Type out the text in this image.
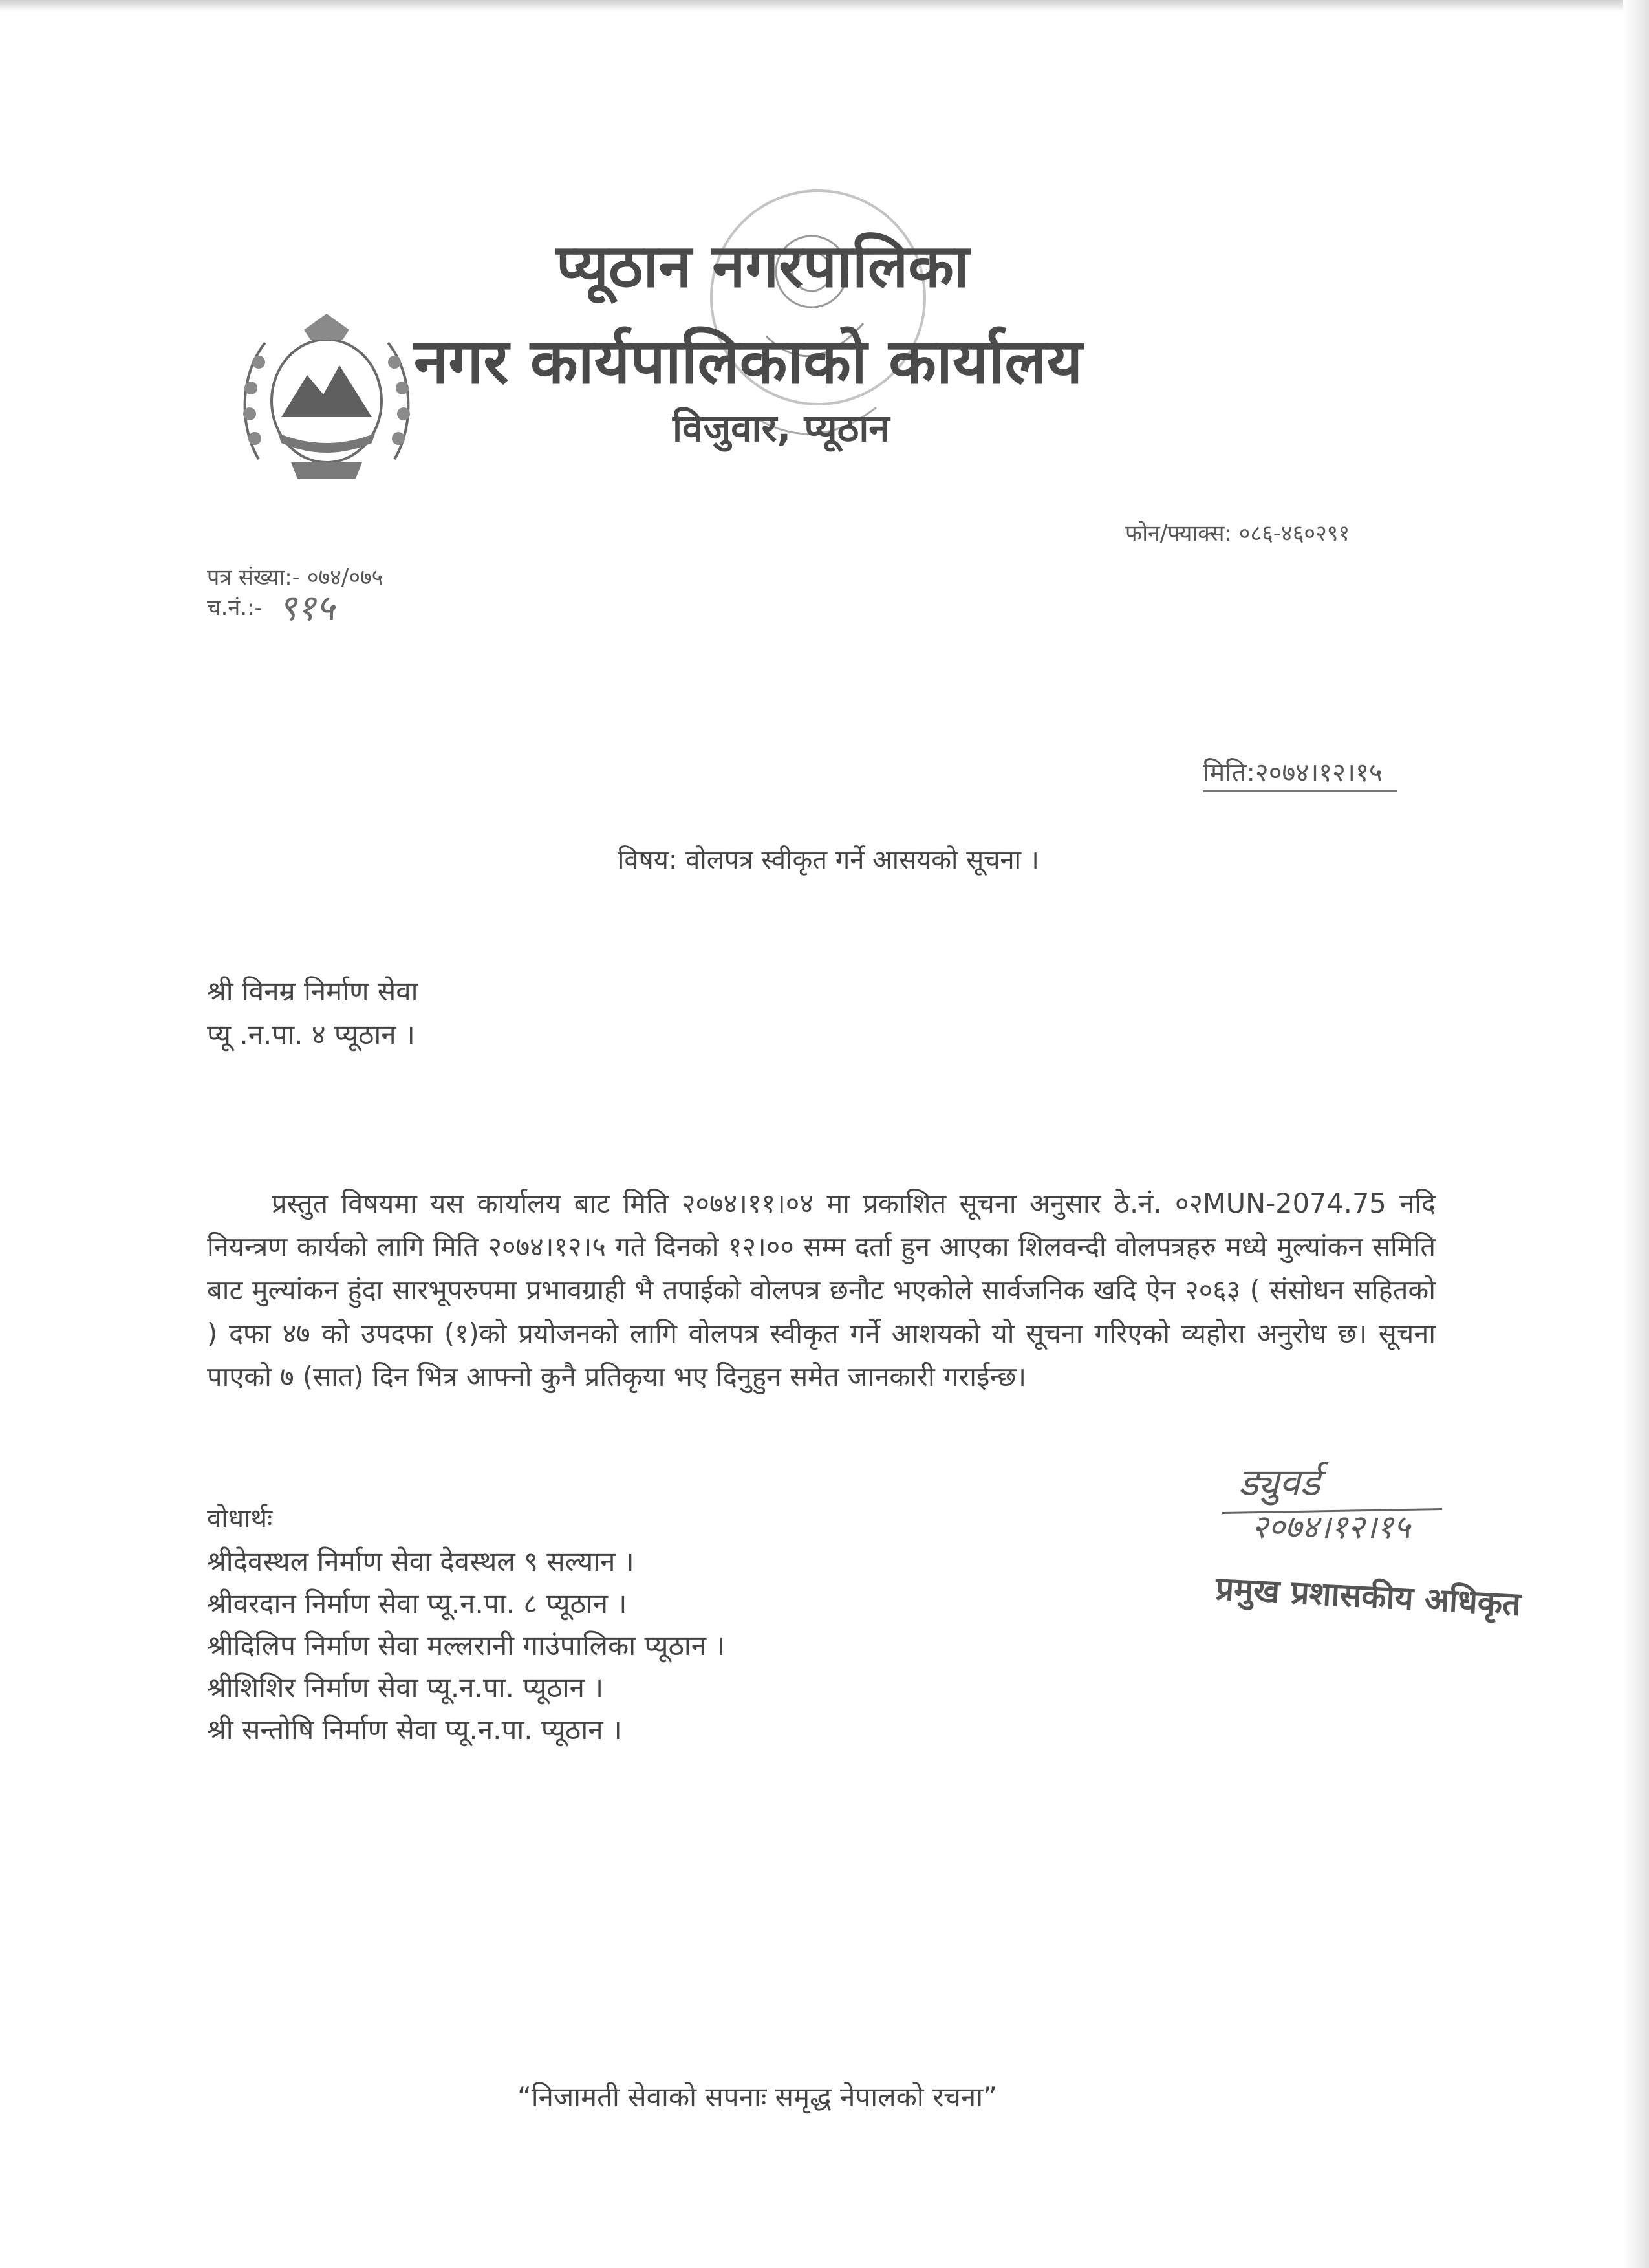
प्यूठान नगरपालिका
नगर कार्यपालिकाको कार्यालय
विजुवार, प्यूठान
फोन/फ्याक्स: ०८६-४६०२९१
पत्र संख्या:- ०७४/०७५
च.नं.:- ९१५
मिति:२०७४।१२।१५
विषय: वोलपत्र स्वीकृत गर्ने आसयको सूचना ।
श्री विनम्र निर्माण सेवा
प्यू .न.पा. ४ प्यूठान ।
प्रस्तुत विषयमा यस कार्यालय बाट मिति २०७४।११।०४ मा प्रकाशित सूचना अनुसार ठे.नं. ०२MUN-2074.75 नदि नियन्त्रण कार्यको लागि मिति २०७४।१२।५ गते दिनको १२।०० सम्म दर्ता हुन आएका शिलवन्दी वोलपत्रहरु मध्ये मुल्यांकन समिति बाट मुल्यांकन हुंदा सारभूपरुपमा प्रभावग्राही भै तपाईको वोलपत्र छनौट भएकोले सार्वजनिक खदि ऐन २०६३ ( संसोधन सहितको ) दफा ४७ को उपदफा (१)को प्रयोजनको लागि वोलपत्र स्वीकृत गर्ने आशयको यो सूचना गरिएको व्यहोरा अनुरोध छ। सूचना पाएको ७ (सात) दिन भित्र आफ्नो कुनै प्रतिकृया भए दिनुहुन समेत जानकारी गराईन्छ।
वोधार्थः
श्रीदेवस्थल निर्माण सेवा देवस्थल ९ सल्यान ।
श्रीवरदान निर्माण सेवा प्यू.न.पा. ८ प्यूठान ।
श्रीदिलिप निर्माण सेवा मल्लरानी गाउंपालिका प्यूठान ।
श्रीशिशिर निर्माण सेवा प्यू.न.पा. प्यूठान ।
श्री सन्तोषि निर्माण सेवा प्यू.न.पा. प्यूठान ।
ड्युवर्ड
२०७४।१२।१५
प्रमुख प्रशासकीय अधिकृत
“निजामती सेवाको सपनाः समृद्ध नेपालको रचना”
